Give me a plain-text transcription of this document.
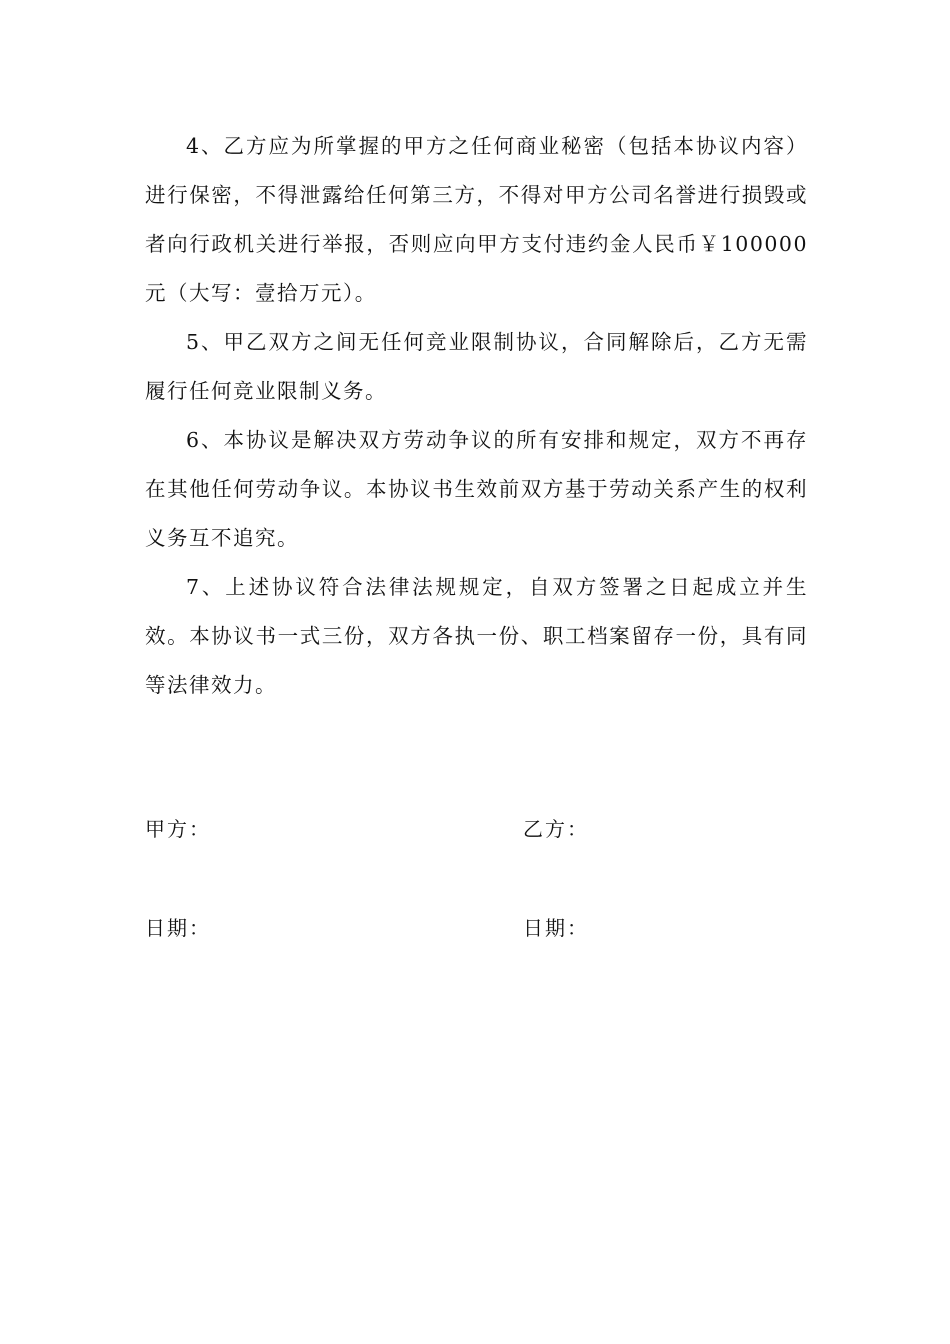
4、乙方应为所掌握的甲方之任何商业秘密（包括本协议内容）进行保密，不得泄露给任何第三方，不得对甲方公司名誉进行损毁或者向行政机关进行举报，否则应向甲方支付违约金人民币￥100000元（大写：壹拾万元）。

5、甲乙双方之间无任何竞业限制协议，合同解除后，乙方无需履行任何竞业限制义务。

6、本协议是解决双方劳动争议的所有安排和规定，双方不再存在其他任何劳动争议。本协议书生效前双方基于劳动关系产生的权利义务互不追究。

7、上述协议符合法律法规规定，自双方签署之日起成立并生效。本协议书一式三份，双方各执一份、职工档案留存一份，具有同等法律效力。

甲方：	乙方：
日期：	日期：
